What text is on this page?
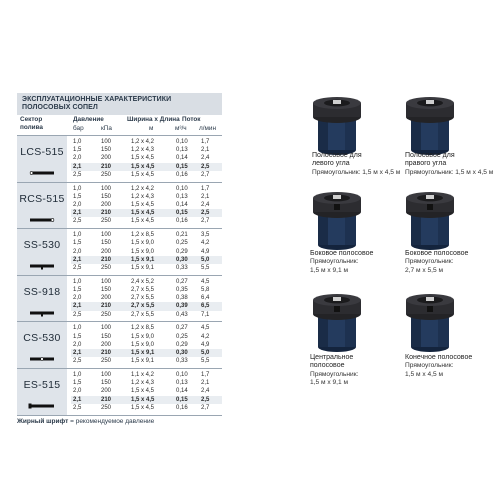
ЭКСПЛУАТАЦИОННЫЕ ХАРАКТЕРИСТИКИ
ПОЛОСОВЫХ СОПЕЛ
Сектор
полива
Давление
бар	кПа
Ширина x Длина
м
Поток
м³/ч л/мин
LCS-515
1,0	100	1,2 x 4,2	0,10 1,7
1,5	150	1,2 x 4,3	0,13 2,1
2,0	200	1,5 x 4,5	0,14 2,4
2,1	210	1,5 x 4,5	0,15 2,5
2,5	250	1,5 x 4,5	0,16 2,7
RCS-515
1,0	100	1,2 x 4,2	0,10 1,7
1,5	150	1,2 x 4,3	0,13 2,1
2,0	200	1,5 x 4,5	0,14 2,4
2,1	210	1,5 x 4,5	0,15 2,5
2,5	250	1,5 x 4,5	0,16 2,7
SS-530
1,0	100	1,2 x 8,5	0,21 3,5
1,5	150	1,5 x 9,0	0,25 4,2
2,0	200	1,5 x 9,0	0,29 4,9
2,1	210	1,5 x 9,1	0,30 5,0
2,5	250	1,5 x 9,1	0,33 5,5
SS-918
1,0	100	2,4 x 5,2	0,27 4,5
1,5	150	2,7 x 5,5	0,35 5,8
2,0	200	2,7 x 5,5	0,38 6,4
2,1	210	2,7 x 5,5	0,39 6,5
2,5	250	2,7 x 5,5	0,43 7,1
CS-530
1,0	100	1,2 x 8,5	0,27 4,5
1,5	150	1,5 x 9,0	0,25 4,2
2,0	200	1,5 x 9,0	0,29 4,9
2,1	210	1,5 x 9,1	0,30 5,0
2,5	250	1,5 x 9,1	0,33 5,5
ES-515
1,0	100	1,1 x 4,2	0,10 1,7
1,5	150	1,2 x 4,3	0,13 2,1
2,0	200	1,5 x 4,5	0,14 2,4
2,1	210	1,5 x 4,5	0,15 2,5
2,5	250	1,5 x 4,5	0,16 2,7
Жирный шрифт = рекомендуемое давление
Полосовое для
левого угла
Прямоугольник: 1,5 м x 4,5 м
Полосовое для
правого угла
Прямоугольник: 1,5 м x 4,5 м
Боковое полосовое
Прямоугольник:
1,5 м x 9,1 м
Боковое полосовое
Прямоугольник:
2,7 м x 5,5 м
Центральное
полосовое
Прямоугольник:
1,5 м x 9,1 м
Конечное полосовое
Прямоугольник:
1,5 м x 4,5 м
